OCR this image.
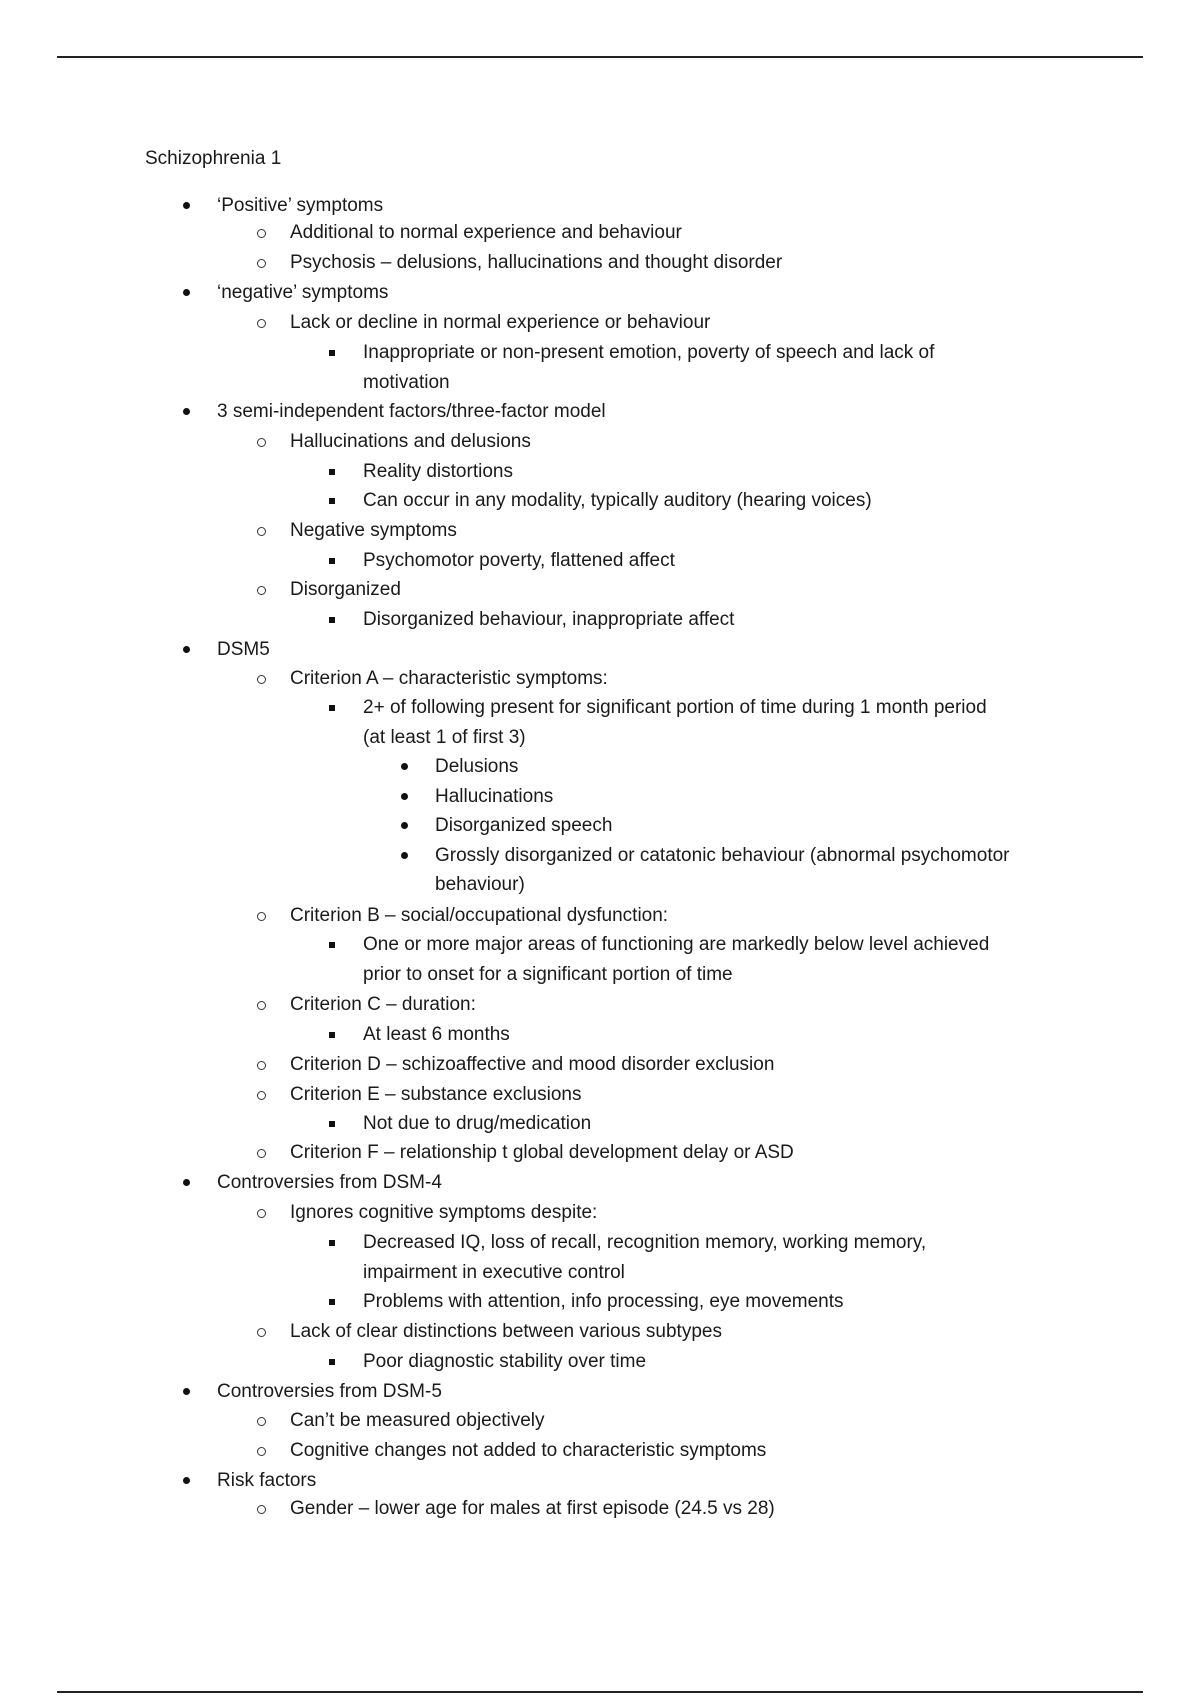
Schizophrenia 1
‘Positive’ symptoms
Additional to normal experience and behaviour
Psychosis – delusions, hallucinations and thought disorder
‘negative’ symptoms
Lack or decline in normal experience or behaviour
Inappropriate or non-present emotion, poverty of speech and lack of
motivation
3 semi-independent factors/three-factor model
Hallucinations and delusions
Reality distortions
Can occur in any modality, typically auditory (hearing voices)
Negative symptoms
Psychomotor poverty, flattened affect
Disorganized
Disorganized behaviour, inappropriate affect
DSM5
Criterion A – characteristic symptoms:
2+ of following present for significant portion of time during 1 month period
(at least 1 of first 3)
Delusions
Hallucinations
Disorganized speech
Grossly disorganized or catatonic behaviour (abnormal psychomotor
behaviour)
Criterion B – social/occupational dysfunction:
One or more major areas of functioning are markedly below level achieved
prior to onset for a significant portion of time
Criterion C – duration:
At least 6 months
Criterion D – schizoaffective and mood disorder exclusion
Criterion E – substance exclusions
Not due to drug/medication
Criterion F – relationship t global development delay or ASD
Controversies from DSM-4
Ignores cognitive symptoms despite:
Decreased IQ, loss of recall, recognition memory, working memory,
impairment in executive control
Problems with attention, info processing, eye movements
Lack of clear distinctions between various subtypes
Poor diagnostic stability over time
Controversies from DSM-5
Can’t be measured objectively
Cognitive changes not added to characteristic symptoms
Risk factors
Gender – lower age for males at first episode (24.5 vs 28)
